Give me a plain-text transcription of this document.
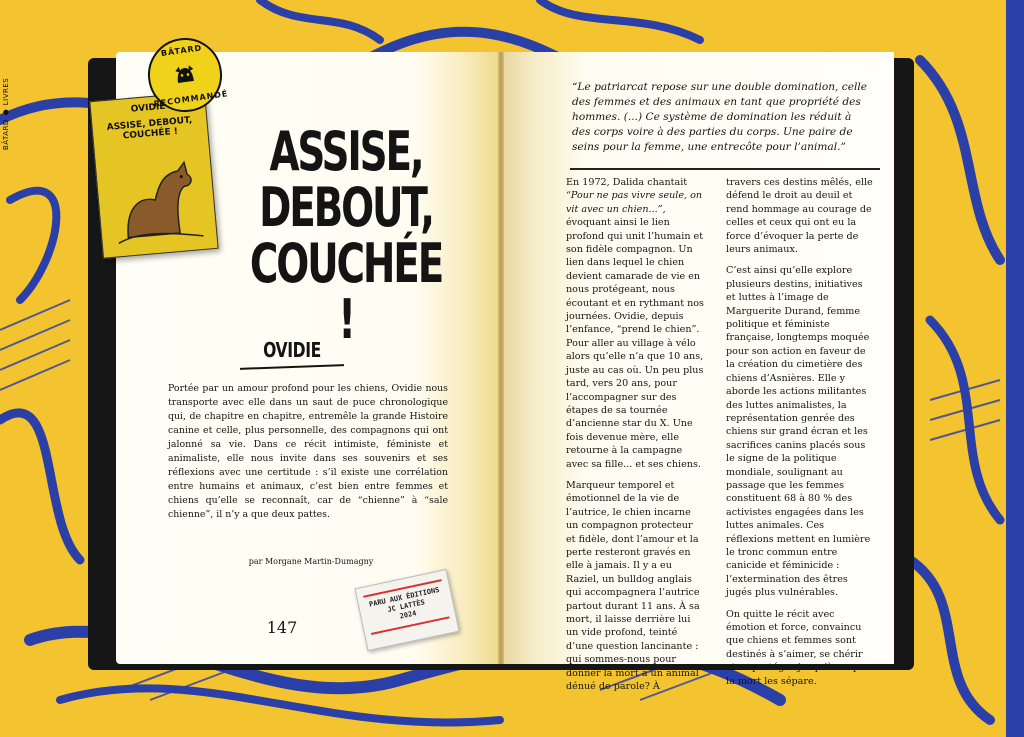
BÂTARD ● LIVRES	OVIDIE
ASSISE, DEBOUT,
COUCHÉE !
BÂTARD
RECOMMANDÉ
ASSISE,
DEBOUT,
COUCHÉE !
OVIDIE
Portée par un amour profond pour les chiens, Ovidie nous transporte avec elle dans un saut de puce chronologique qui, de chapitre en chapitre, entremêle la grande Histoire canine et celle, plus personnelle, des compagnons qui ont jalonné sa vie. Dans ce récit intimiste, féministe et animaliste, elle nous invite dans ses souvenirs et ses réflexions avec une certitude : s’il existe une corrélation entre humains et animaux, c’est bien entre femmes et chiens qu’elle se reconnaît, car de “chienne” à “sale chienne”, il n’y a que deux pattes.
par Morgane Martin-Dumagny
147
PARU AUX ÉDITIONS
JC LATTÈS
2024
“Le patriarcat repose sur une double domination, celle des femmes et des animaux en tant que propriété des hommes. (...) Ce système de domination les réduit à des corps voire à des parties du corps. Une paire de seins pour la femme, une entrecôte pour l’animal.”

En 1972, Dalida chantait “Pour ne pas vivre seule, on vit avec un chien...”, évoquant ainsi le lien profond qui unit l’humain et son fidèle compagnon. Un lien dans lequel le chien devient camarade de vie en nous protégeant, nous écoutant et en rythmant nos journées. Ovidie, depuis l’enfance, “prend le chien”. Pour aller au village à vélo alors qu’elle n’a que 10 ans, juste au cas où. Un peu plus tard, vers 20 ans, pour l’accompagner sur des étapes de sa tournée d’ancienne star du X. Une fois devenue mère, elle retourne à la campagne avec sa fille... et ses chiens.

Marqueur temporel et émotionnel de la vie de l’autrice, le chien incarne un compagnon protecteur et fidèle, dont l’amour et la perte resteront gravés en elle à jamais. Il y a eu Raziel, un bulldog anglais qui accompagnera l’autrice partout durant 11 ans. À sa mort, il laisse derrière lui un vide profond, teinté d’une question lancinante : qui sommes-nous pour donner la mort à un animal dénué de parole? À

travers ces destins mêlés, elle défend le droit au deuil et rend hommage au courage de celles et ceux qui ont eu la force d’évoquer la perte de leurs animaux.

C’est ainsi qu’elle explore plusieurs destins, initiatives et luttes à l’image de Marguerite Durand, femme politique et féministe française, longtemps moquée pour son action en faveur de la création du cimetière des chiens d’Asnières. Elle y aborde les actions militantes des luttes animalistes, la représentation genrée des chiens sur grand écran et les sacrifices canins placés sous le signe de la politique mondiale, soulignant au passage que les femmes constituent 68 à 80 % des activistes engagées dans les luttes animales. Ces réflexions mettent en lumière le tronc commun entre canicide et féminicide : l’extermination des êtres jugés plus vulnérables.

On quitte le récit avec émotion et force, convaincu que chiens et femmes sont destinés à s’aimer, se chérir et se protéger jusqu’à ce que la mort les sépare.
